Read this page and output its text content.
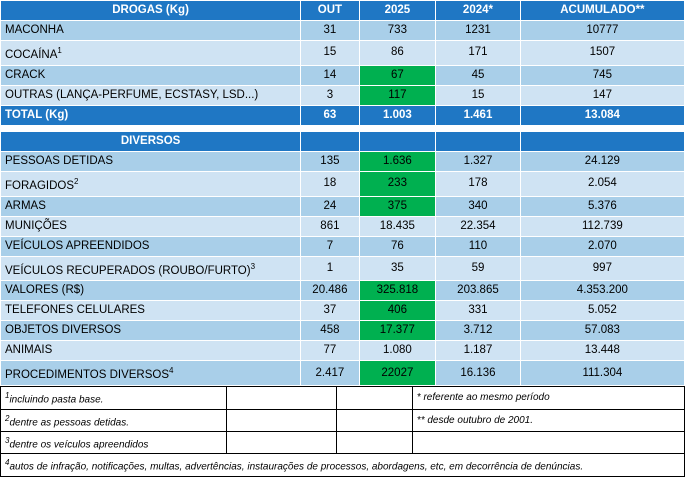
DROGAS (Kg)	OUT	2025	2024*	ACUMULADO**
MACONHA	31	733	1231	10777
COCAÍNA$^1$	15	86	171	1507
CRACK	14	67	45	745
OUTRAS (LANÇA-PERFUME, ECSTASY, LSD...)	3	117	15	147
TOTAL (Kg)	63	1.003	1.461	13.084

DIVERSOS				
PESSOAS DETIDAS	135	1.636	1.327	24.129
FORAGIDOS$^2$	18	233	178	2.054
ARMAS	24	375	340	5.376
MUNIÇÕES	861	18.435	22.354	112.739
VEÍCULOS APREENDIDOS	7	76	110	2.070
VEÍCULOS RECUPERADOS (ROUBO/FURTO)$^3$	1	35	59	997
VALORES (R$)	20.486	325.818	203.865	4.353.200
TELEFONES CELULARES	37	406	331	5.052
OBJETOS DIVERSOS	458	17.377	3.712	57.083
ANIMAIS	77	1.080	1.187	13.448
PROCEDIMENTOS DIVERSOS$^4$	2.417	22027	16.136	111.304
$^1$incluindo pasta base.			* referente ao mesmo período
$^2$dentre as pessoas detidas.			** desde outubro de 2001.
$^3$dentre os veículos apreendidos			
$^4$autos de infração, notificações, multas, advertências, instaurações de processos, abordagens, etc, em decorrência de denúncias.			
